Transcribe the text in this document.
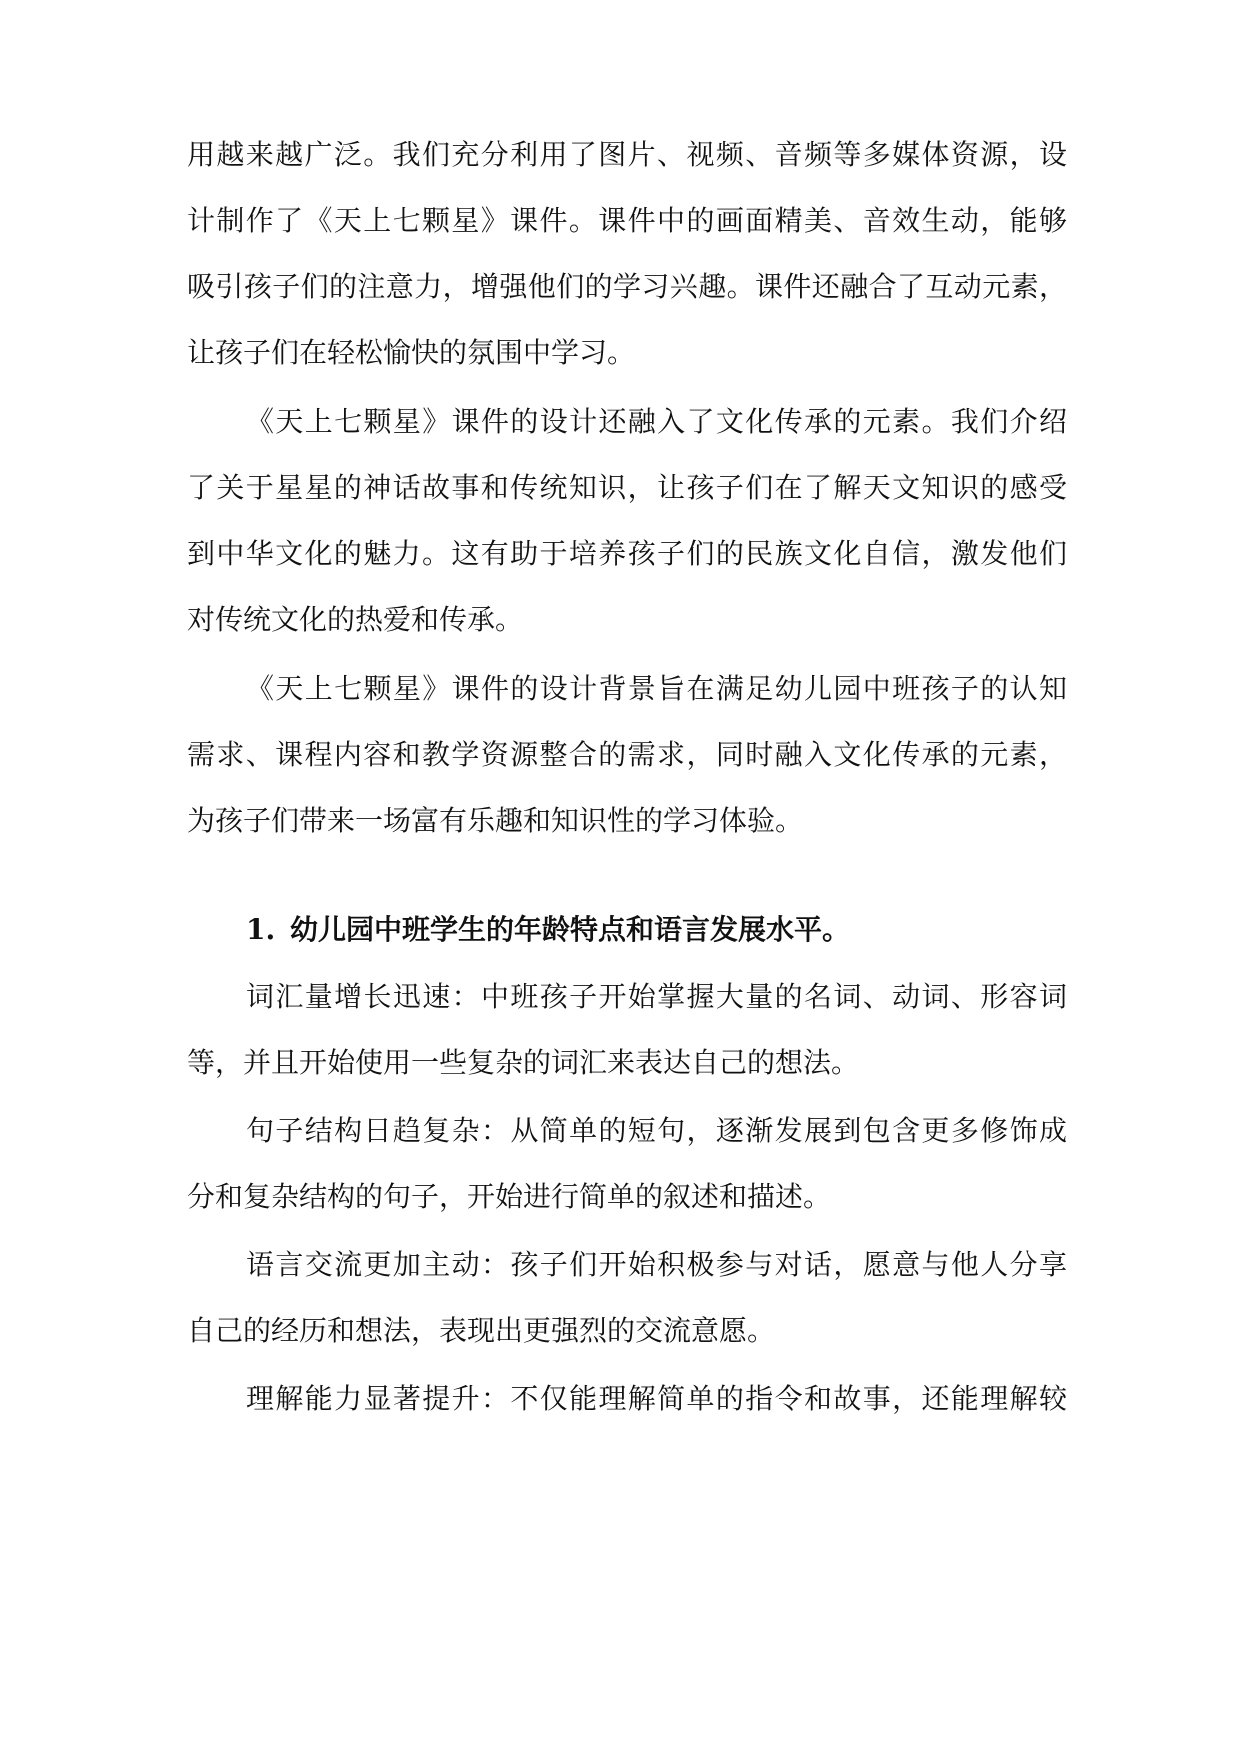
用越来越广泛。我们充分利用了图片、视频、音频等多媒体资源，设
计制作了《天上七颗星》课件。课件中的画面精美、音效生动，能够
吸引孩子们的注意力，增强他们的学习兴趣。课件还融合了互动元素，
让孩子们在轻松愉快的氛围中学习。
《天上七颗星》课件的设计还融入了文化传承的元素。我们介绍
了关于星星的神话故事和传统知识，让孩子们在了解天文知识的感受
到中华文化的魅力。这有助于培养孩子们的民族文化自信，激发他们
对传统文化的热爱和传承。
《天上七颗星》课件的设计背景旨在满足幼儿园中班孩子的认知
需求、课程内容和教学资源整合的需求，同时融入文化传承的元素，
为孩子们带来一场富有乐趣和知识性的学习体验。
1. 幼儿园中班学生的年龄特点和语言发展水平。
词汇量增长迅速：中班孩子开始掌握大量的名词、动词、形容词
等，并且开始使用一些复杂的词汇来表达自己的想法。
句子结构日趋复杂：从简单的短句，逐渐发展到包含更多修饰成
分和复杂结构的句子，开始进行简单的叙述和描述。
语言交流更加主动：孩子们开始积极参与对话，愿意与他人分享
自己的经历和想法，表现出更强烈的交流意愿。
理解能力显著提升：不仅能理解简单的指令和故事，还能理解较
